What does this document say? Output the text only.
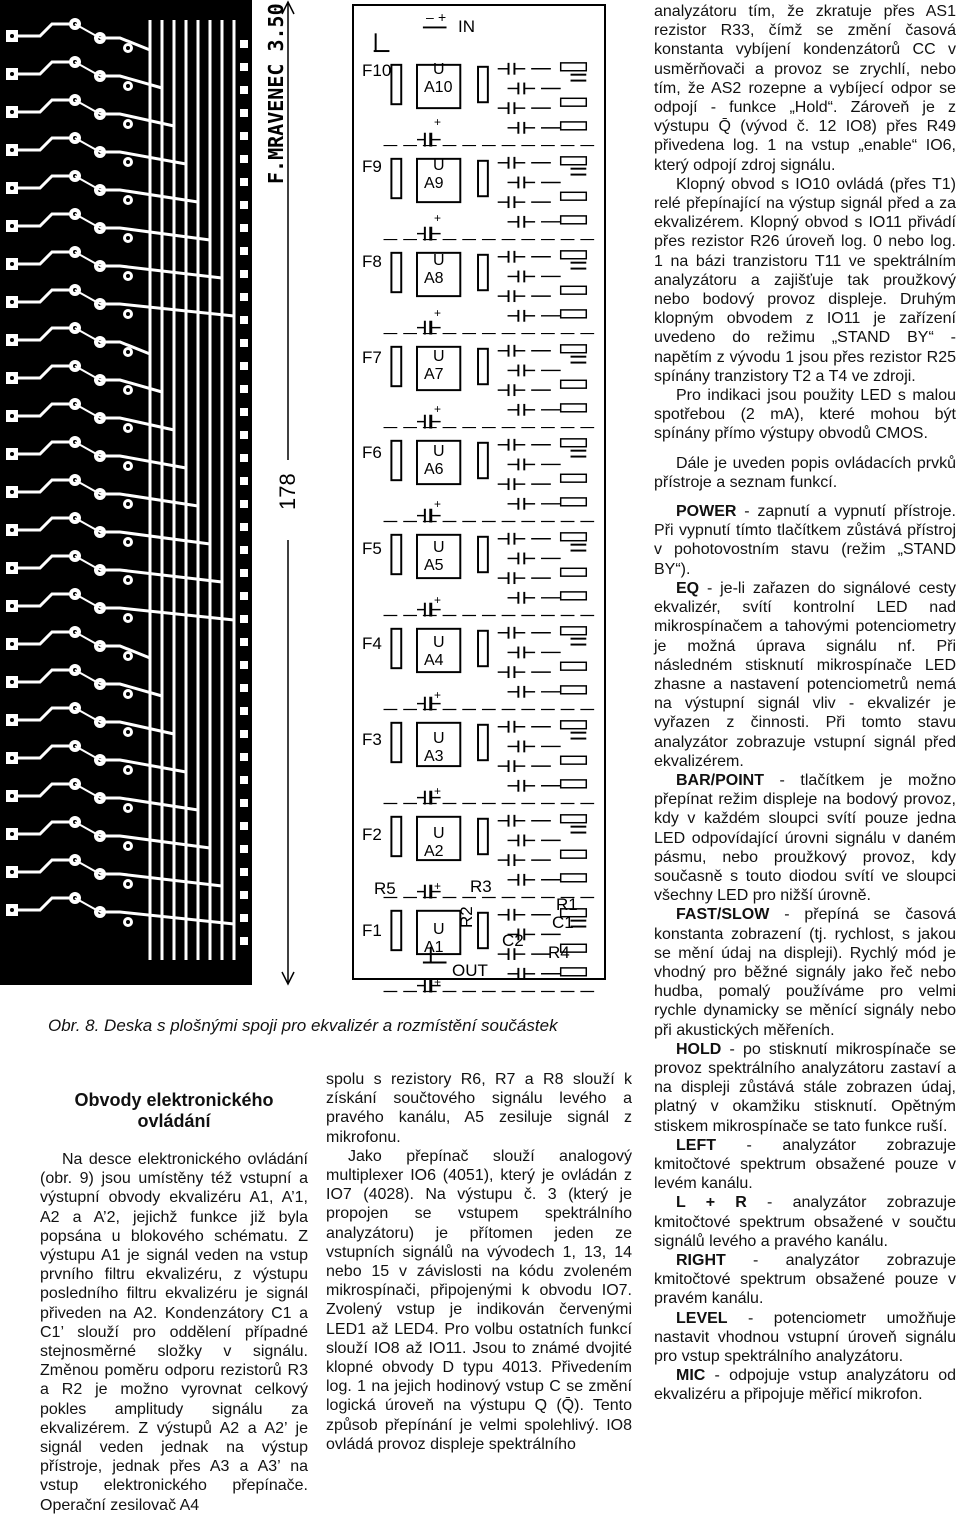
F.MRAVENEC 3.50
178
IN
+
–
OUT
F10	U
A10
+
F9	U
A9
+
F8	U
A8
+
F7	U
A7
+
F6	U
A6
+
F5	U
A5
+
F4	U
A4
+
F3	U
A3
+
F2	U
A2
+
F1	U
A1
+
R5	R3
R1
C1
R2
C2
R4
Obr. 8. Deska s plošnými spoji pro ekvalizér a rozmístění součástek
Obvody elektronického ovládání

Na desce elektronického ovládání (obr. 9) jsou umístěny též vstupní a výstupní obvody ekvalizéru A1, A’1, A2 a A’2, jejichž funkce již byla popsána u blokového schématu. Z výstupu A1 je signál veden na vstup prvního filtru ekvalizéru, z výstupu posledního filtru ekvalizéru je signál přiveden na A2. Kondenzátory C1 a C1’ slouží pro oddělení případné stejnosměrné složky v signálu. Změnou poměru odporu rezistorů R3 a R2 je možno vyrovnat celkový pokles amplitudy signálu za ekvalizérem. Z výstupů A2 a A2’ je signál veden jednak na výstup přístroje, jednak přes A3 a A3’ na vstup elektronického přepínače. Operační zesilovač A4

spolu s rezistory R6, R7 a R8 slouží k získání součtového signálu levého a pravého kanálu, A5 zesiluje signál z mikrofonu.

Jako přepínač slouží analogový multiplexer IO6 (4051), který je ovládán z IO7 (4028). Na výstupu č. 3 (který je propojen se vstupem spektrálního analyzátoru) je přítomen jeden ze vstupních signálů na vývodech 1, 13, 14 nebo 15 v závislosti na kódu zvoleném mikrospínači, připojenými k obvodu IO7. Zvolený vstup je indikován červenými LED1 až LED4. Pro volbu ostatních funkcí slouží IO8 až IO11. Jsou to známé dvojité klopné obvody D typu 4013. Přivedením log. 1 na jejich hodinový vstup C se změní logická úroveň na výstupu Q (Q̄). Tento způsob přepínání je velmi spolehlivý. IO8 ovládá provoz displeje spektrálního

analyzátoru tím, že zkratuje přes AS1 rezistor R33, čímž se změní časová konstanta vybíjení kondenzátorů CC v usměrňovači a provoz se zrychlí, nebo tím, že AS2 rozepne a vybíjecí odpor se odpojí - funkce „Hold“. Zároveň je z výstupu Q̄ (vývod č. 12 IO8) přes R49 přivedena log. 1 na vstup „enable“ IO6, který odpojí zdroj signálu.

Klopný obvod s IO10 ovládá (přes T1) relé přepínající na výstup signál před a za ekvalizérem. Klopný obvod s IO11 přivádí přes rezistor R26 úroveň log. 0 nebo log. 1 na bázi tranzistoru T11 ve spektrálním analyzátoru a zajišťuje tak proužkový nebo bodový provoz displeje. Druhým klopným obvodem z IO11 je zařízení uvedeno do režimu „STAND BY“ - napětím z vývodu 1 jsou přes rezistor R25 spínány tranzistory T2 a T4 ve zdroji.

Pro indikaci jsou použity LED s malou spotřebou (2 mA), které mohou být spínány přímo výstupy obvodů CMOS.

Dále je uveden popis ovládacích prvků přístroje a seznam funkcí.

POWER - zapnutí a vypnutí přístroje. Při vypnutí tímto tlačítkem zůstává přístroj v pohotovostním stavu (režim „STAND BY“).

EQ - je-li zařazen do signálové cesty ekvalizér, svítí kontrolní LED nad mikrospínačem a tahovými potenciometry je možná úprava signálu nf. Při následném stisknutí mikrospínače LED zhasne a nastavení potenciometrů nemá na výstupní signál vliv - ekvalizér je vyřazen z činnosti. Při tomto stavu analyzátor zobrazuje vstupní signál před ekvalizérem.

BAR/POINT - tlačítkem je možno přepínat režim displeje na bodový provoz, kdy v každém sloupci svítí pouze jedna LED odpovídající úrovni signálu v daném pásmu, nebo proužkový provoz, kdy současně s touto diodou svítí ve sloupci všechny LED pro nižší úrovně.

FAST/SLOW - přepíná se časová konstanta zobrazení (tj. rychlost, s jakou se mění údaj na displeji). Rychlý mód je vhodný pro běžné signály jako řeč nebo hudba, pomalý používáme pro velmi rychle dynamicky se měnící signály nebo při akustických měřeních.

HOLD - po stisknutí mikrospínače se provoz spektrálního analyzátoru zastaví a na displeji zůstává stále zobrazen údaj, platný v okamžiku stisknutí. Opětným stiskem mikrospínače se tato funkce ruší.

LEFT - analyzátor zobrazuje kmitočtové spektrum obsažené pouze v levém kanálu.

L + R - analyzátor zobrazuje kmitočtové spektrum obsažené v součtu signálů levého a pravého kanálu.

RIGHT - analyzátor zobrazuje kmitočtové spektrum obsažené pouze v pravém kanálu.

LEVEL - potenciometr umožňuje nastavit vhodnou vstupní úroveň signálu pro vstup spektrálního analyzátoru.

MIC - odpojuje vstup analyzátoru od ekvalizéru a připojuje měřicí mikrofon.
